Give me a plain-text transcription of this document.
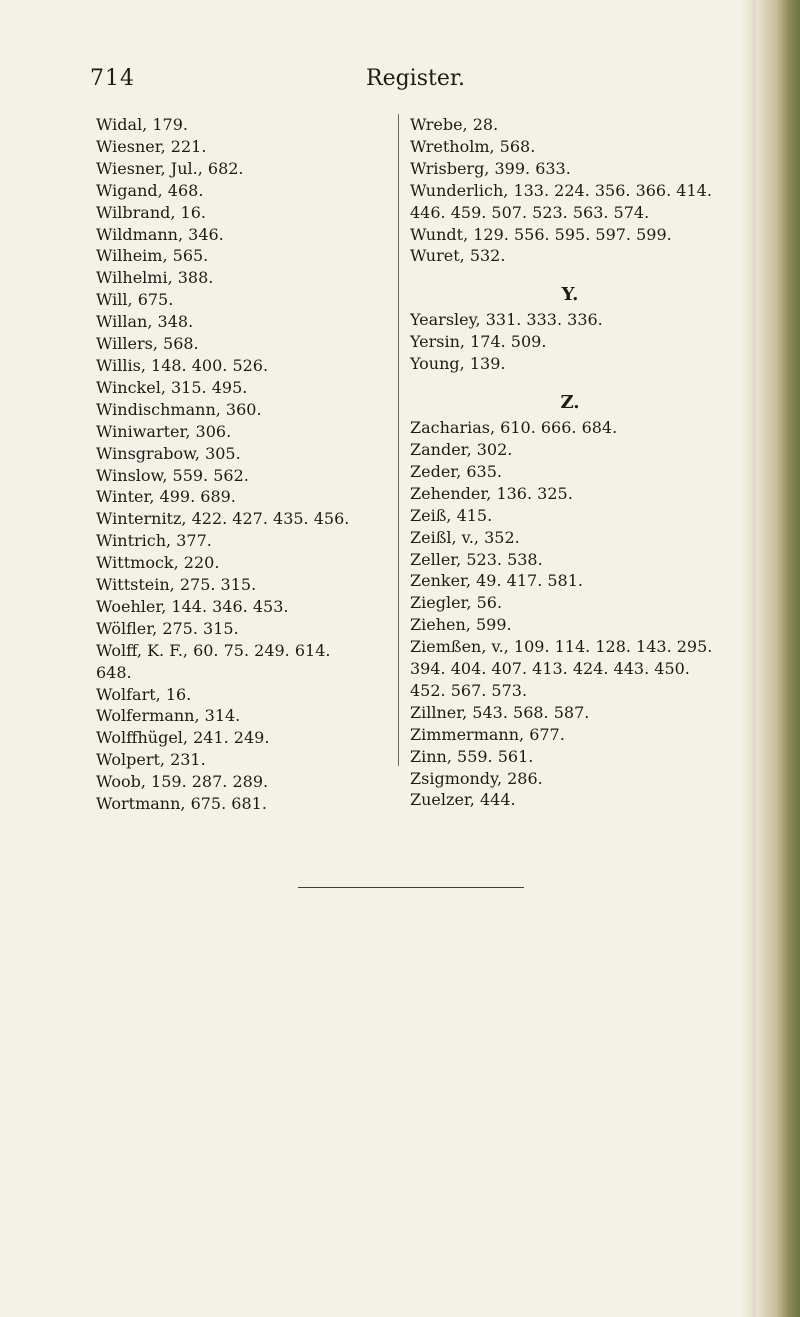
714	Register.
Widal, 179.
Wiesner, 221.
Wiesner, Jul., 682.
Wigand, 468.
Wilbrand, 16.
Wildmann, 346.
Wilheim, 565.
Wilhelmi, 388.
Will, 675.
Willan, 348.
Willers, 568.
Willis, 148. 400. 526.
Winckel, 315. 495.
Windischmann, 360.
Winiwarter, 306.
Winsgrabow, 305.
Winslow, 559. 562.
Winter, 499. 689.
Winternitz, 422. 427. 435. 456.
Wintrich, 377.
Wittmock, 220.
Wittstein, 275. 315.
Woehler, 144. 346. 453.
Wölfler, 275. 315.
Wolff, K. F., 60. 75. 249. 614.
648.
Wolfart, 16.
Wolfermann, 314.
Wolffhügel, 241. 249.
Wolpert, 231.
Woob, 159. 287. 289.
Wortmann, 675. 681.
Wrebe, 28.
Wretholm, 568.
Wrisberg, 399. 633.
Wunderlich, 133. 224. 356. 366. 414.
446. 459. 507. 523. 563. 574.
Wundt, 129. 556. 595. 597. 599.
Wuret, 532.
Y.
Yearsley, 331. 333. 336.
Yersin, 174. 509.
Young, 139.
Z.
Zacharias, 610. 666. 684.
Zander, 302.
Zeder, 635.
Zehender, 136. 325.
Zeiß, 415.
Zeißl, v., 352.
Zeller, 523. 538.
Zenker, 49. 417. 581.
Ziegler, 56.
Ziehen, 599.
Ziemßen, v., 109. 114. 128. 143. 295.
394. 404. 407. 413. 424. 443. 450.
452. 567. 573.
Zillner, 543. 568. 587.
Zimmermann, 677.
Zinn, 559. 561.
Zsigmondy, 286.
Zuelzer, 444.
